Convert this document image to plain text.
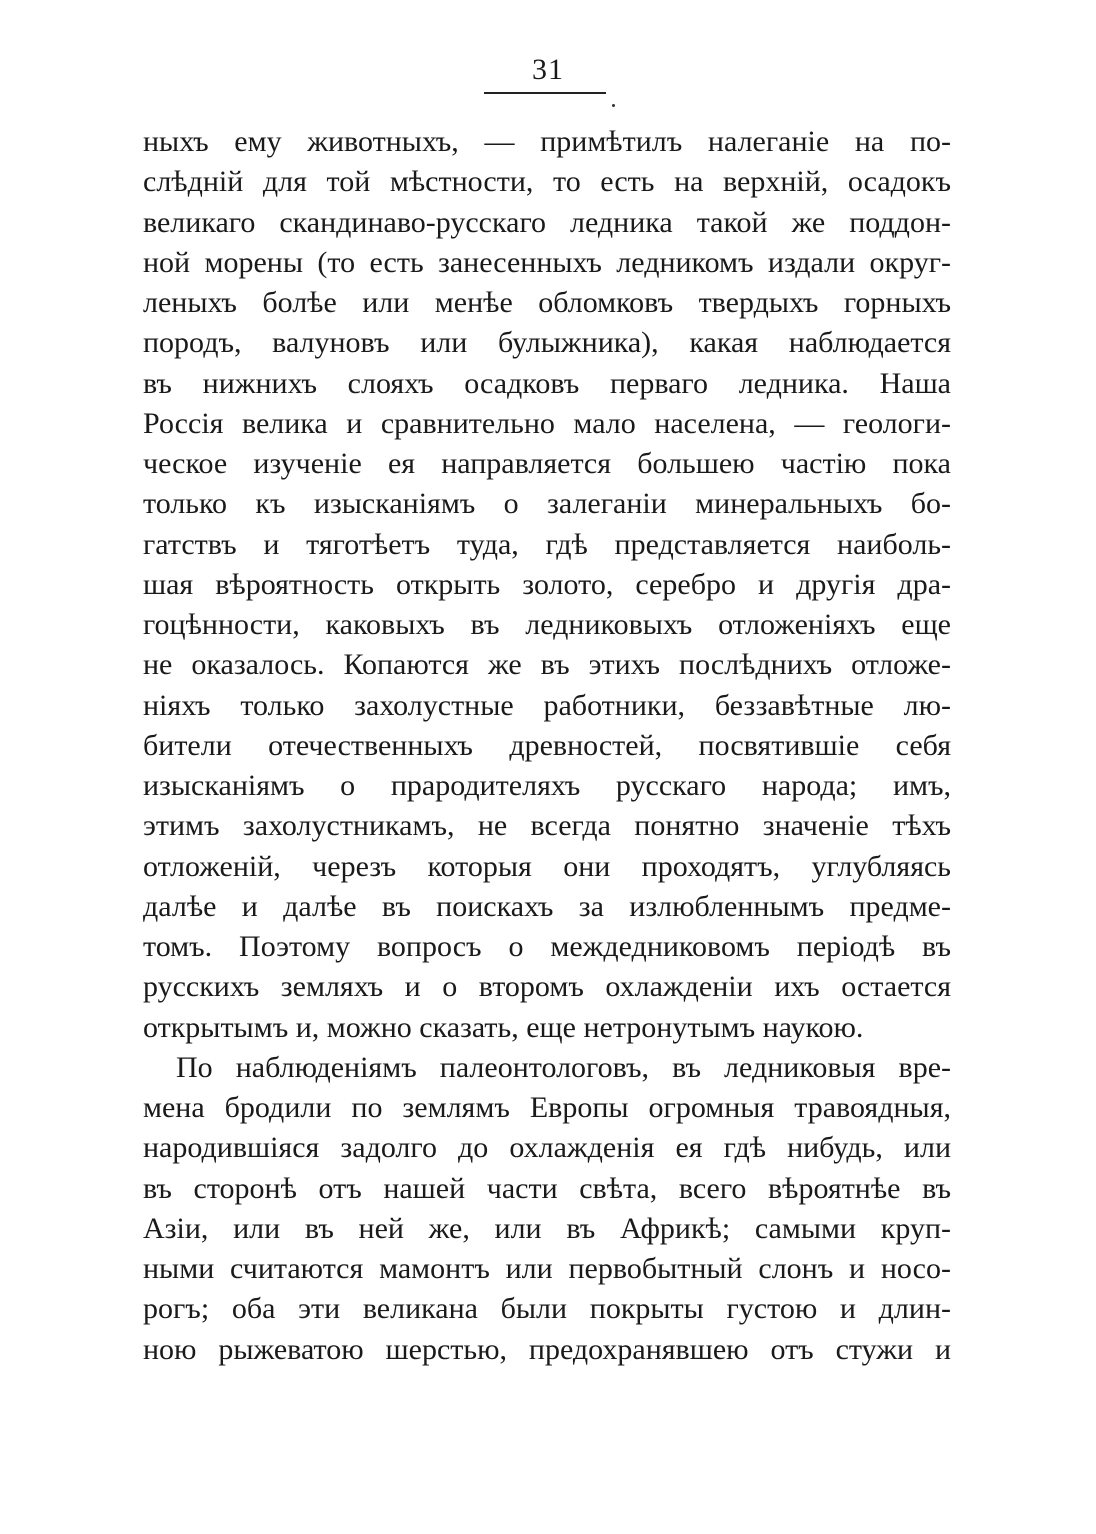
31
ныхъ ему животныхъ, — примѣтилъ налеганіе на по-
слѣдній для той мѣстности, то есть на верхній, осадокъ
великаго скандинаво-русскаго ледника такой же поддон-
ной морены (то есть занесенныхъ ледникомъ издали округ-
леныхъ болѣе или менѣе обломковъ твердыхъ горныхъ
породъ, валуновъ или булыжника), какая наблюдается
въ нижнихъ слояхъ осадковъ перваго ледника. Наша
Россія велика и сравнительно мало населена, — геологи-
ческое изученіе ея направляется большею частію пока
только къ изысканіямъ о залеганіи минеральныхъ бо-
гатствъ и тяготѣетъ туда, гдѣ представляется наиболь-
шая вѣроятность открыть золото, серебро и другія дра-
гоцѣнности, каковыхъ въ ледниковыхъ отложеніяхъ еще
не оказалось. Копаются же въ этихъ послѣднихъ отложе-
ніяхъ только захолустные работники, беззавѣтные лю-
бители отечественныхъ древностей, посвятившіе себя
изысканіямъ о прародителяхъ русскаго народа; имъ,
этимъ захолустникамъ, не всегда понятно значеніе тѣхъ
отложеній, черезъ которыя они проходятъ, углубляясь
далѣе и далѣе въ поискахъ за излюбленнымъ предме-
томъ. Поэтому вопросъ о междедниковомъ періодѣ въ
русскихъ земляхъ и о второмъ охлажденіи ихъ остается
открытымъ и, можно сказать, еще нетронутымъ наукою.
По наблюденіямъ палеонтологовъ, въ ледниковыя вре-
мена бродили по землямъ Европы огромныя травоядныя,
народившіяся задолго до охлажденія ея гдѣ нибудь, или
въ сторонѣ отъ нашей части свѣта, всего вѣроятнѣе въ
Азіи, или въ ней же, или въ Африкѣ; самыми круп-
ными считаются мамонтъ или первобытный слонъ и носо-
рогъ; оба эти великана были покрыты густою и длин-
ною рыжеватою шерстью, предохранявшею отъ стужи и
